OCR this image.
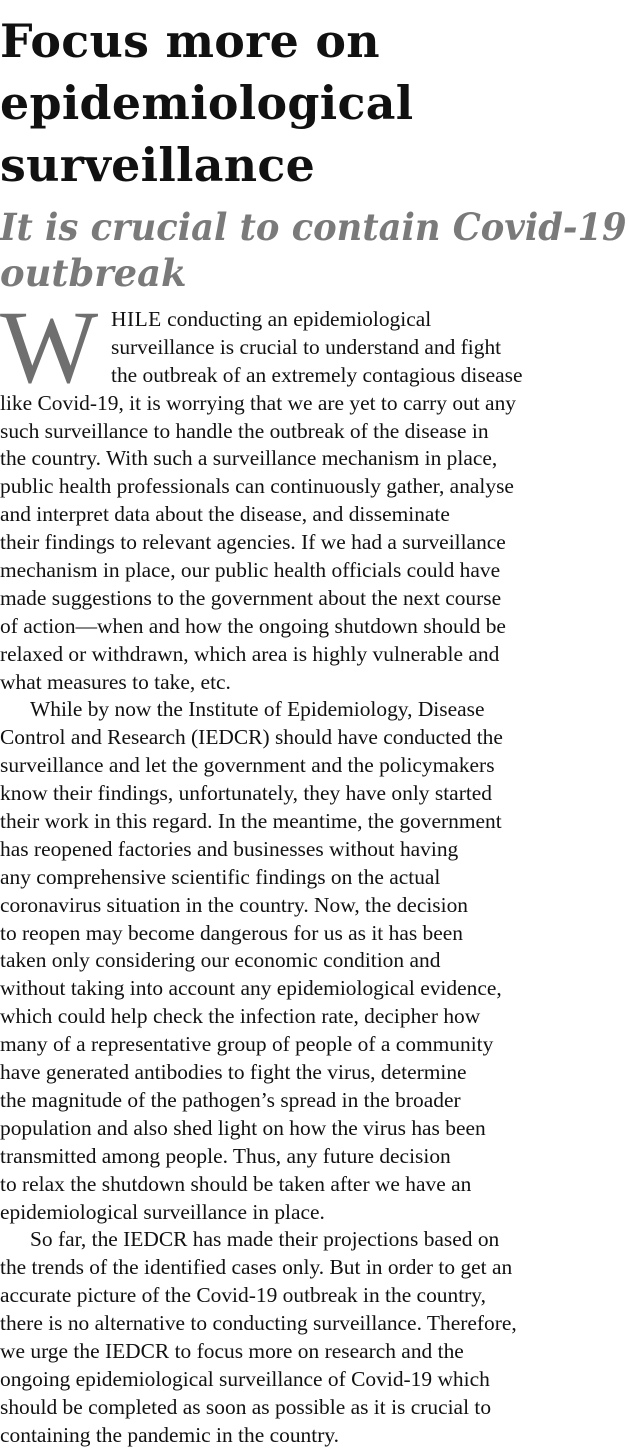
Focus more on
epidemiological
surveillance
It is crucial to contain Covid-19
outbreak
W HILE conducting an epidemiological
surveillance is crucial to understand and fight
the outbreak of an extremely contagious disease
like Covid-19, it is worrying that we are yet to carry out any
such surveillance to handle the outbreak of the disease in
the country. With such a surveillance mechanism in place,
public health professionals can continuously gather, analyse
and interpret data about the disease, and disseminate
their findings to relevant agencies. If we had a surveillance
mechanism in place, our public health officials could have
made suggestions to the government about the next course
of action—when and how the ongoing shutdown should be
relaxed or withdrawn, which area is highly vulnerable and
what measures to take, etc.
While by now the Institute of Epidemiology, Disease
Control and Research (IEDCR) should have conducted the
surveillance and let the government and the policymakers
know their findings, unfortunately, they have only started
their work in this regard. In the meantime, the government
has reopened factories and businesses without having
any comprehensive scientific findings on the actual
coronavirus situation in the country. Now, the decision
to reopen may become dangerous for us as it has been
taken only considering our economic condition and
without taking into account any epidemiological evidence,
which could help check the infection rate, decipher how
many of a representative group of people of a community
have generated antibodies to fight the virus, determine
the magnitude of the pathogen’s spread in the broader
population and also shed light on how the virus has been
transmitted among people. Thus, any future decision
to relax the shutdown should be taken after we have an
epidemiological surveillance in place.
So far, the IEDCR has made their projections based on
the trends of the identified cases only. But in order to get an
accurate picture of the Covid-19 outbreak in the country,
there is no alternative to conducting surveillance. Therefore,
we urge the IEDCR to focus more on research and the
ongoing epidemiological surveillance of Covid-19 which
should be completed as soon as possible as it is crucial to
containing the pandemic in the country.
